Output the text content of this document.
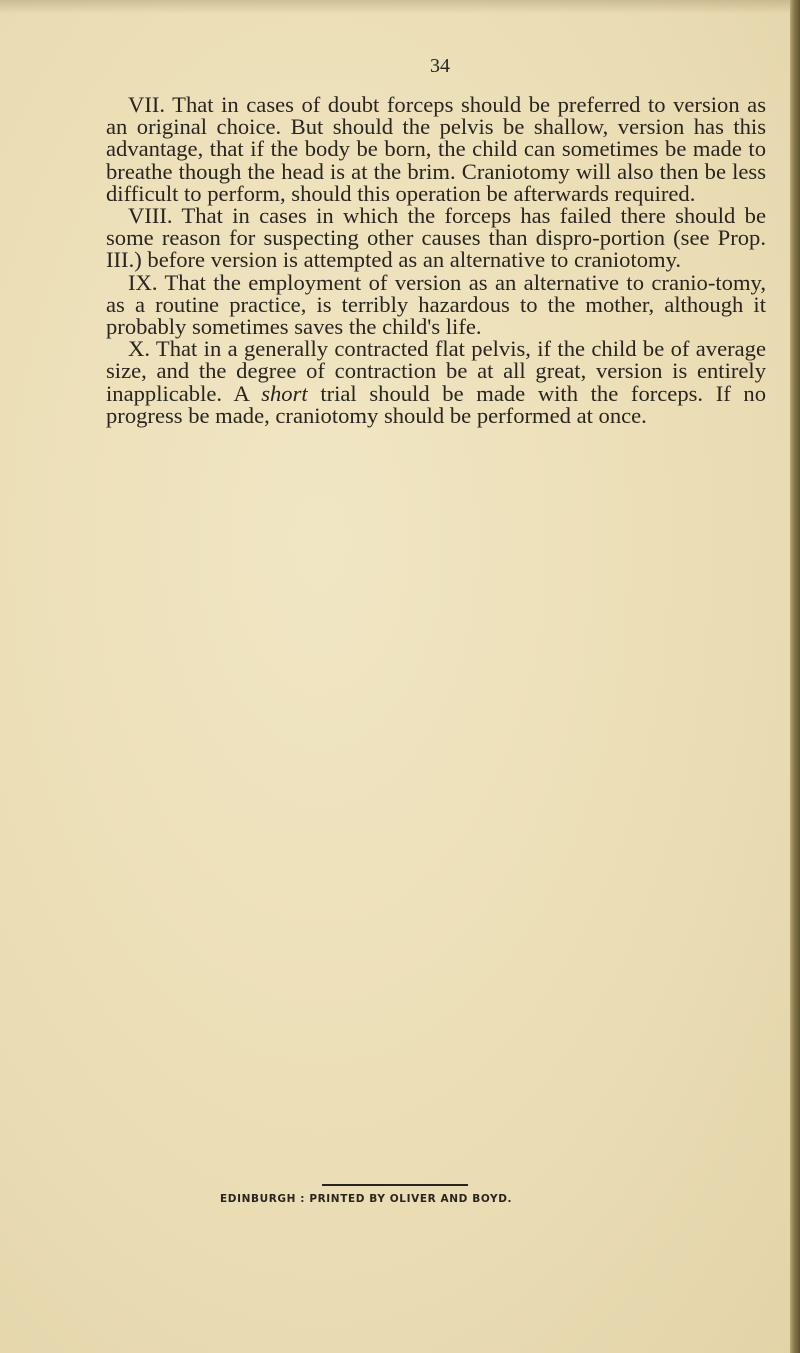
34

VII. That in cases of doubt forceps should be preferred to version as an original choice. But should the pelvis be shallow, version has this advantage, that if the body be born, the child can sometimes be made to breathe though the head is at the brim. Craniotomy will also then be less difficult to perform, should this operation be afterwards required.

VIII. That in cases in which the forceps has failed there should be some reason for suspecting other causes than dispro-portion (see Prop. III.) before version is attempted as an alternative to craniotomy.

IX. That the employment of version as an alternative to cranio-tomy, as a routine practice, is terribly hazardous to the mother, although it probably sometimes saves the child's life.

X. That in a generally contracted flat pelvis, if the child be of average size, and the degree of contraction be at all great, version is entirely inapplicable. A short trial should be made with the forceps. If no progress be made, craniotomy should be performed at once.

EDINBURGH : PRINTED BY OLIVER AND BOYD.
